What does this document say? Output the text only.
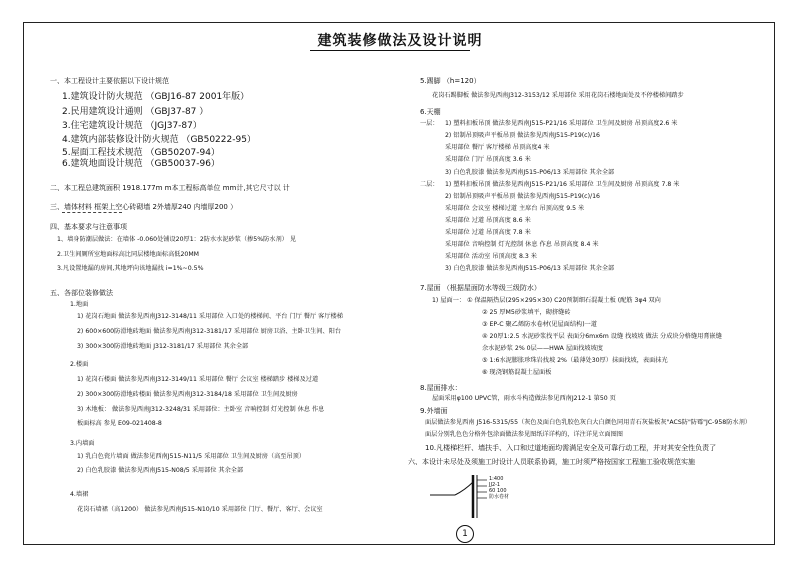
建筑装修做法及设计说明
一、本工程设计主要依据以下设计规范
1.建筑设计防火规范 （GBJ16-87 2001年版）
2.民用建筑设计通则 （GBJ37-87 ）
3.住宅建筑设计规范 （JGJ37-87）
4.建筑内部装修设计防火规范 （GB50222-95）
5.屋面工程技术规范 （GB50207-94）
6.建筑地面设计规范 （GB50037-96）
二、本工程总建筑面积 1918.177m m本工程标高单位 mm计,其它尺寸以 计
三、墙体材料 框架上空心砖砌墙 2外墙厚240 内墙厚200 ）
四、基本要求与注意事项
1、墙身防潮层做法：在墙体 -0.060处铺设20厚1：2防水水泥砂浆（掺5%防水剂） 见
2.卫生间厕所室地面标高比同层楼地面标高低20MM
3.凡设置地漏的房间,其地坪向该地漏找 i=1%~0.5%
五、各部位装修做法
1.地面
1) 花岗石地面 做法参见西南J312-3148/11 采用部位 入口处的楼梯间、平台 门厅 餐厅 客厅楼梯
2) 600×600防滑地砖地面 做法参见西南J312-3181/17 采用部位 厨房卫浴、主卧卫生间、阳台
3) 300×300防滑地砖地面 J312-3181/17 采用部位 其余全部
2.楼面
1) 花岗石楼面 做法参见西南J312-3149/11 采用部位 餐厅 会议室 楼梯踏步 楼梯及过道
2) 300×300防滑地砖楼面 做法参见西南J312-3184/18 采用部位 卫生间及厨房
3) 木地板： 做法参见西南J312-3248/31 采用部位：主卧室 音响控制 灯光控制 休息 作息
板面标高 参见 E09-021408-8
3.内墙面
1) 乳白色瓷片墙面 做法参见西南J515-N11/5 采用部位 卫生间及厨房（高至吊顶）
2) 白色乳胶漆 做法参见西南J515-N08/5 采用部位 其余全部
4.墙裙
花岗石墙裙（高1200） 做法参见西南J515-N10/10 采用部位 门厅、餐厅、客厅、会议室
5.踢脚 （h=120）
花岗石踢脚板 做法参见西南J312-3153/12 采用部位 采用花岗石楼地面处及不停楼梯间踏步
6.天棚
一层： 1) 塑料扣板吊顶 做法参见西南J515-P21/16 采用部位 卫生间及厨房 吊顶高度2.6 米
2) 铝制吊顶吸声平板吊顶 做法参见西南J515-P19(c)/16
采用部位 餐厅 客厅楼梯 吊顶高度4 米
采用部位 门厅 吊顶高度 3.6 米
3) 白色乳胶漆 做法参见西南J515-P06/13 采用部位 其余全部
二层： 1) 塑料扣板吊顶 做法参见西南J515-P21/16 采用部位 卫生间及厨房 吊顶高度 7.8 米
2) 铝制吊顶吸声平板吊顶 做法参见西南J515-P19(c)/16
采用部位 会议室 楼梯过道 主席台 吊顶高度 9.5 米
采用部位 过道 吊顶高度 8.6 米
采用部位 过道 吊顶高度 7.8 米
采用部位 音响控制 灯光控制 休息 作息 吊顶高度 8.4 米
采用部位 活动室 吊顶高度 8.3 米
3) 白色乳胶漆 做法参见西南J515-P06/13 采用部位 其余全部
7.屋面 （根据屋面防水等级三级防水）
1) 屋面一： ① 保温隔热层(295×295×30) C20预制细石混凝土板 (配筋 3φ4 双向
② 25 厚M5砂浆填平，砌挤缝砖
③ EP-C 聚乙烯防水卷材(见屋面结构)一道
④ 20厚1:2.5 水泥砂浆找平层 表面分6mx6m 设缝 找坡坡 做法 分成块分格缝用膏嵌缝
余水泥砂浆 2% 0层——HWA 屋面找坡坡度
⑤ 1:6水泥膨胀珍珠岩找坡 2%（最薄处30厚）抹面找坡，表面抹光
⑥ 现浇钢筋混凝土屋面板
8.屋面排水：
屋面采用φ100 UPVC管，雨水斗构造做法参见西南J212-1 第50 页
9.外墙面
面层做法参见西南 J516-5315/55（灰色及面白色乳胶色灰白大白颜色同用青石灰盐板灰"ACS防"防霉"JC-958防水剂）
面层分别乳色色分格外包涂面做法参见图纸详详构的，详注详见立面图图
10.凡楼梯栏杆、墙扶手、入口和过道地面均需满足安全及可靠行动工程，并对其安全性负责了
六、本设计未尽处及须施工时设计人员联系协调，施工时须严格按国家工程施工验收规范实施
1:400
JJ2-1
60 100
防水卷材
1
